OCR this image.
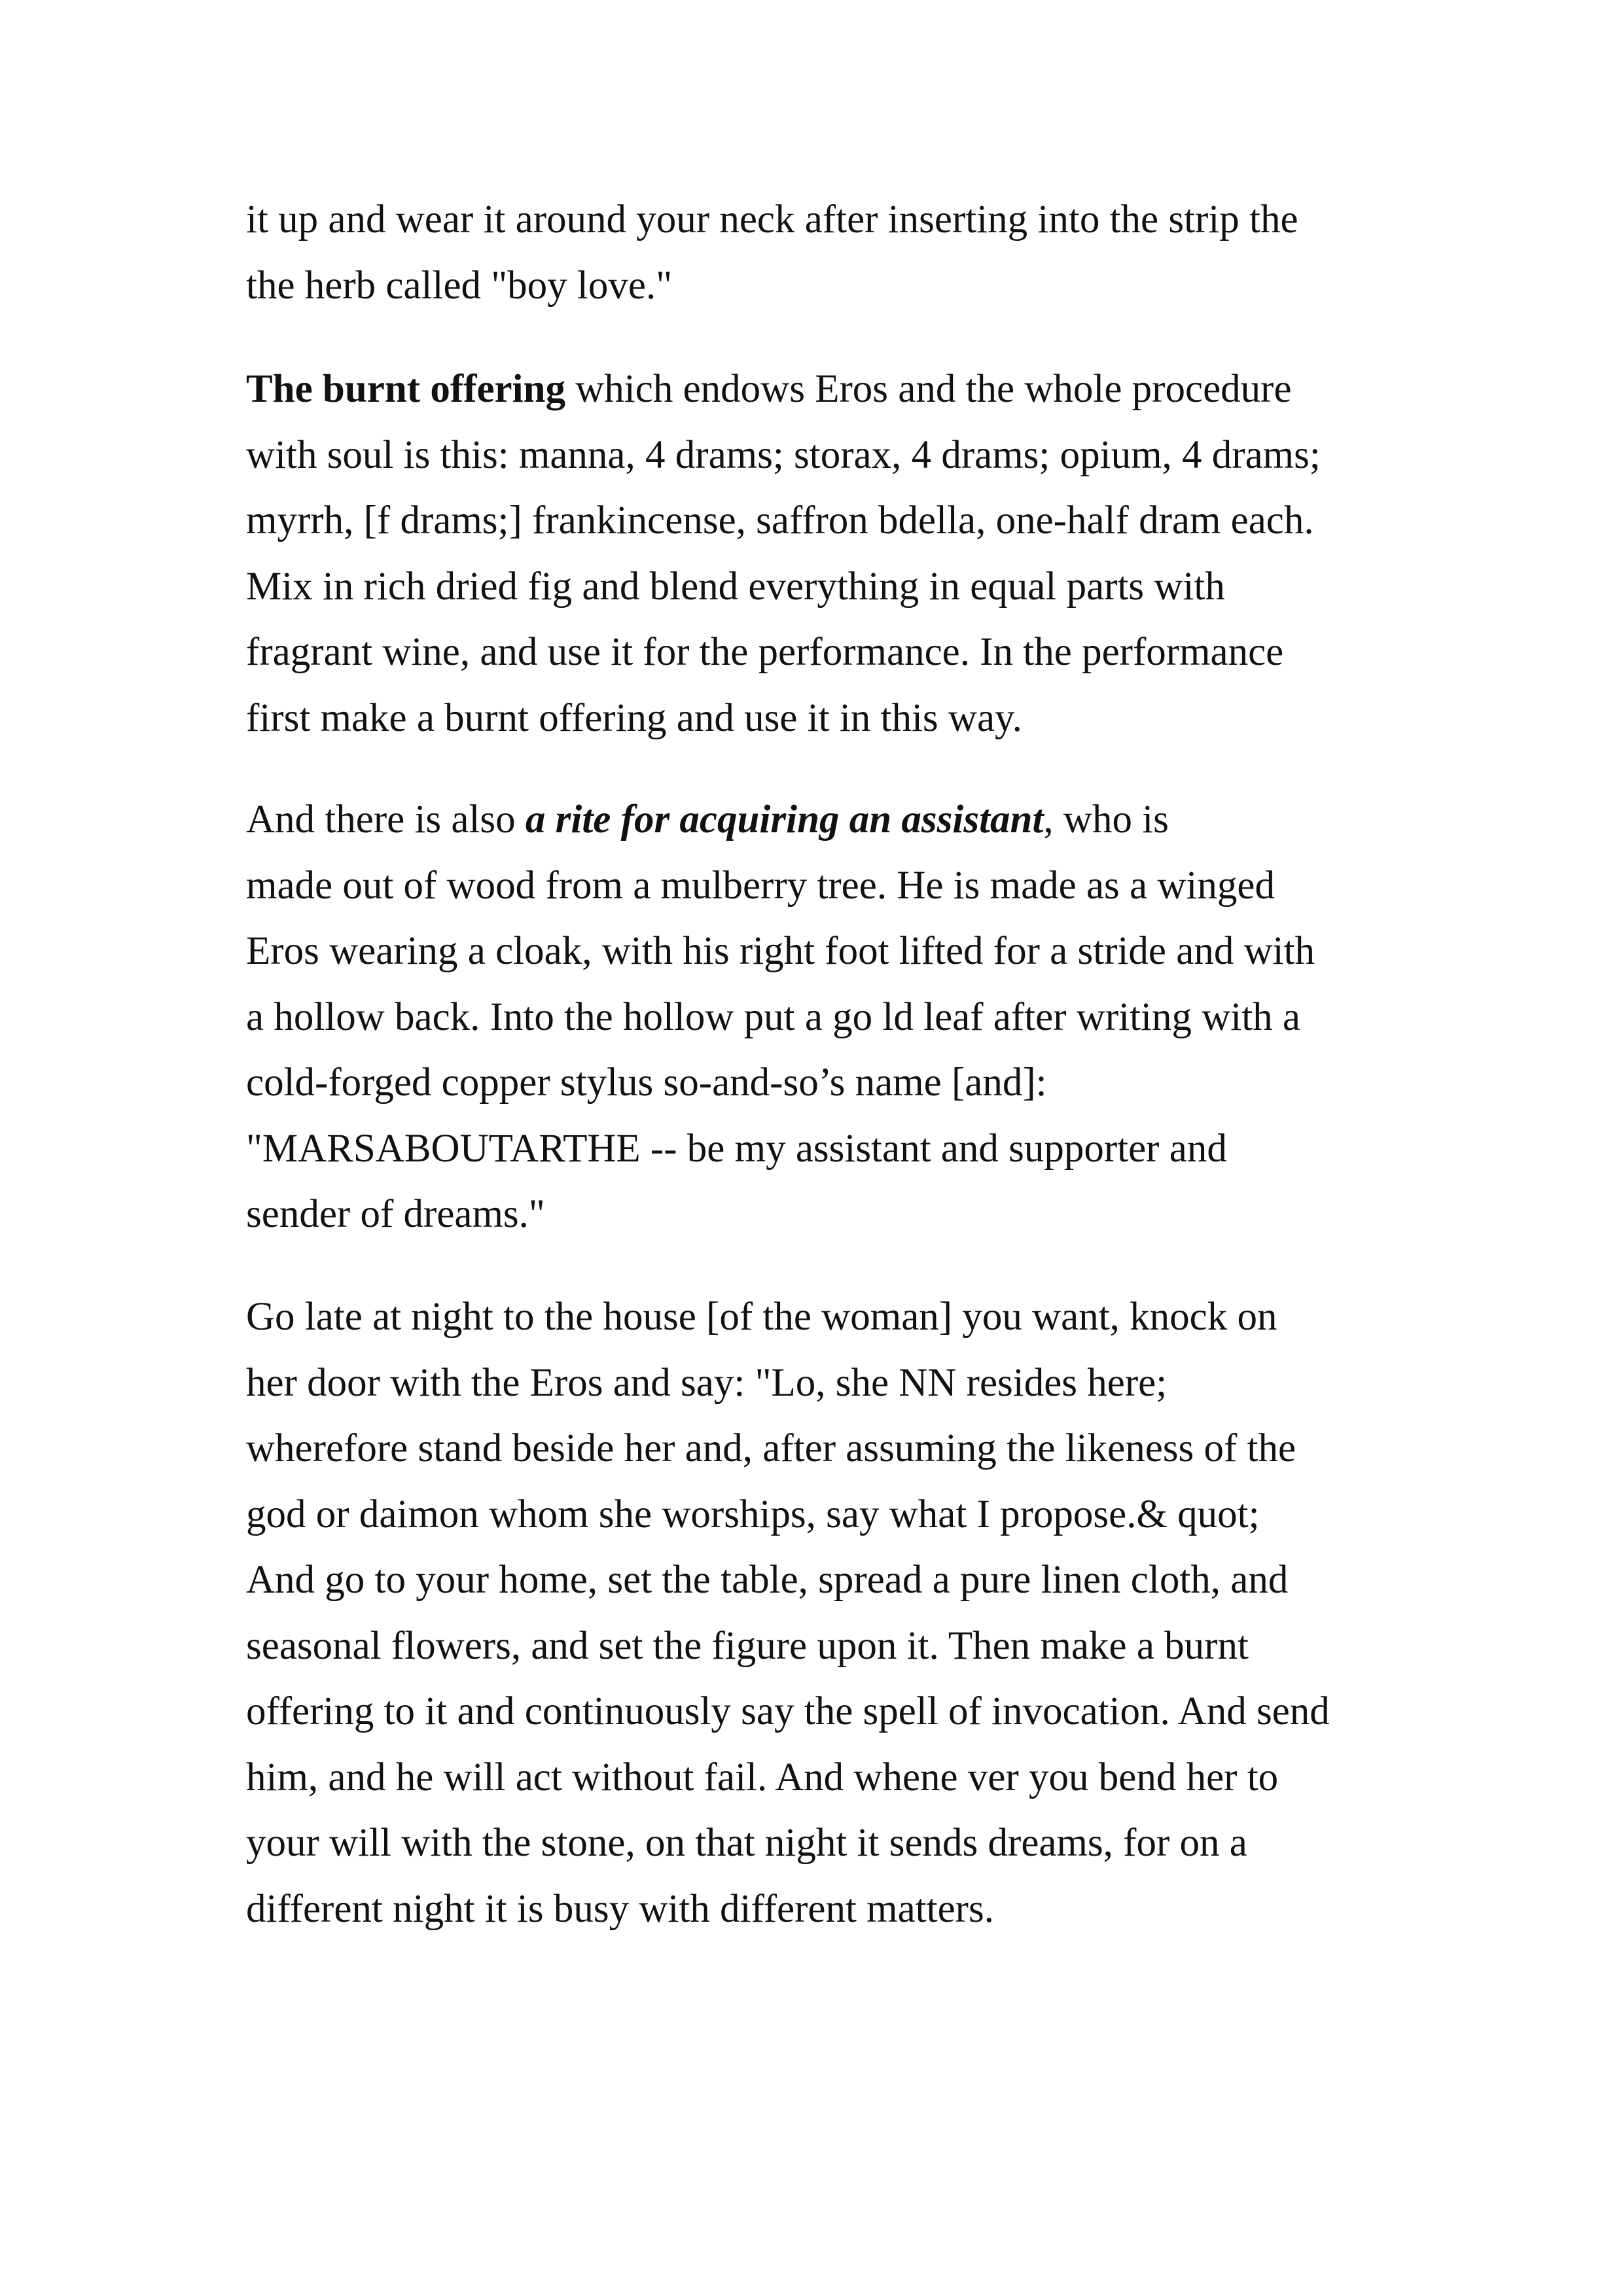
it up and wear it around your neck after inserting into the strip the
the herb called "boy love."
The burnt offering which endows Eros and the whole procedure
with soul is this: manna, 4 drams; storax, 4 drams; opium, 4 drams;
myrrh, [f drams;] frankincense, saffron bdella, one-half dram each.
Mix in rich dried fig and blend everything in equal parts with
fragrant wine, and use it for the performance. In the performance
first make a burnt offering and use it in this way.
And there is also a rite for acquiring an assistant, who is
made out of wood from a mulberry tree. He is made as a winged
Eros wearing a cloak, with his right foot lifted for a stride and with
a hollow back. Into the hollow put a go ld leaf after writing with a
cold-forged copper stylus so-and-so’s name [and]:
"MARSABOUTARTHE -- be my assistant and supporter and
sender of dreams."
Go late at night to the house [of the woman] you want, knock on
her door with the Eros and say: "Lo, she NN resides here;
wherefore stand beside her and, after assuming the likeness of the
god or daimon whom she worships, say what I propose.& quot;
And go to your home, set the table, spread a pure linen cloth, and
seasonal flowers, and set the figure upon it. Then make a burnt
offering to it and continuously say the spell of invocation. And send
him, and he will act without fail. And whene ver you bend her to
your will with the stone, on that night it sends dreams, for on a
different night it is busy with different matters.
